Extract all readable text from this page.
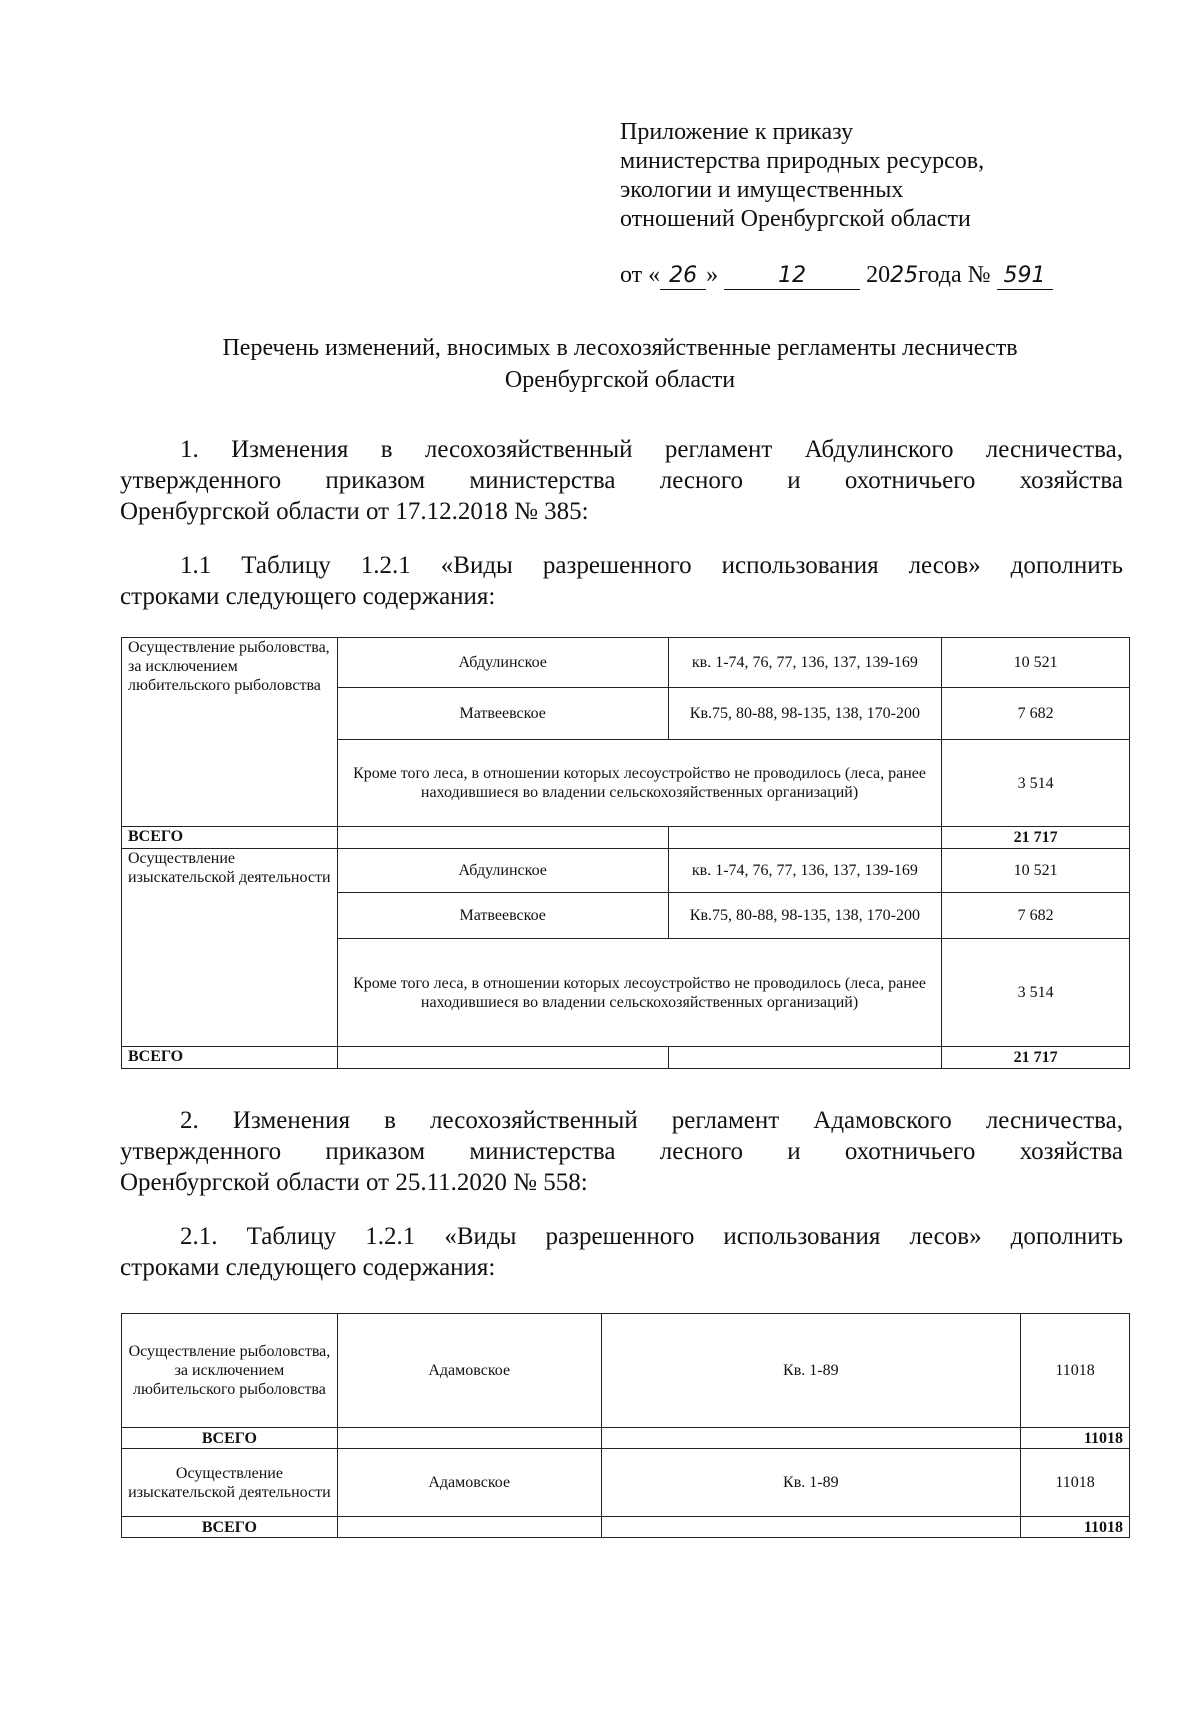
Приложение к приказу
министерства природных ресурсов,
экологии и имущественных
отношений Оренбургской области
от « 26 »	12	2025года № 591
Перечень изменений, вносимых в лесохозяйственные регламенты лесничеств
Оренбургской области
1. Изменения в лесохозяйственный регламент Абдулинского лесничества,
утвержденного приказом министерства лесного и охотничьего хозяйства
Оренбургской области от 17.12.2018 № 385:
1.1 Таблицу 1.2.1 «Виды разрешенного использования лесов» дополнить
строками следующего содержания:
Осуществление рыболовства, за исключением любительского рыболовства	Абдулинское	кв. 1-74, 76, 77, 136, 137, 139-169	10 521
	Матвеевское	Кв.75, 80-88, 98-135, 138, 170-200	7 682
	Кроме того леса, в отношении которых лесоустройство не проводилось (леса, ранее находившиеся во владении сельскохозяйственных организаций)		3 514
ВСЕГО			21 717
Осуществление изыскательской деятельности	Абдулинское	кв. 1-74, 76, 77, 136, 137, 139-169	10 521
	Матвеевское	Кв.75, 80-88, 98-135, 138, 170-200	7 682
	Кроме того леса, в отношении которых лесоустройство не проводилось (леса, ранее находившиеся во владении сельскохозяйственных организаций)		3 514
ВСЕГО			21 717
2. Изменения в лесохозяйственный регламент Адамовского лесничества,
утвержденного приказом министерства лесного и охотничьего хозяйства
Оренбургской области от 25.11.2020 № 558:
2.1. Таблицу 1.2.1 «Виды разрешенного использования лесов» дополнить
строками следующего содержания:
Осуществление рыболовства, за исключением любительского рыболовства	Адамовское	Кв. 1-89	11018
ВСЕГО			11018
Осуществление изыскательской деятельности	Адамовское	Кв. 1-89	11018
ВСЕГО			11018
